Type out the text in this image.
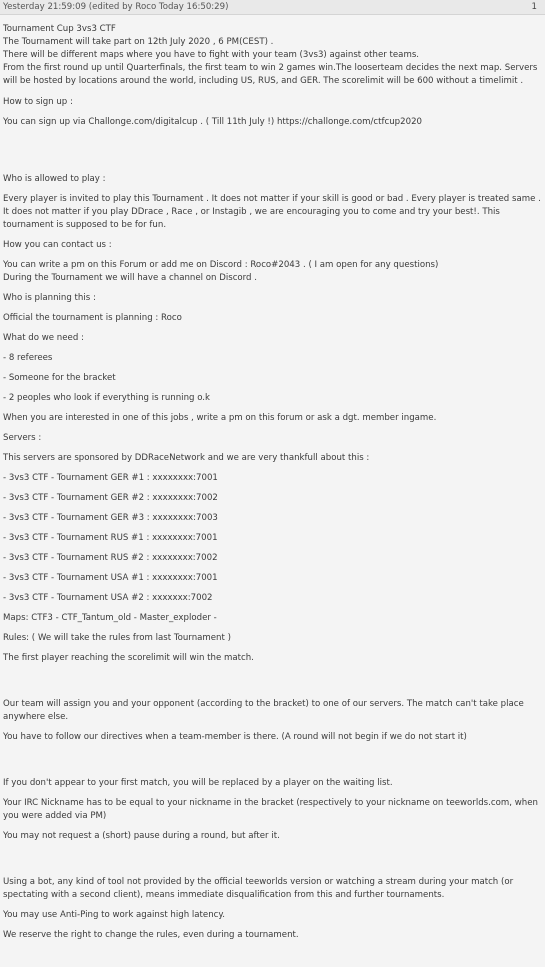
Yesterday 21:59:09 (edited by Roco Today 16:50:29)	1

Tournament Cup 3vs3 CTF

The Tournament will take part on 12th July 2020 , 6 PM(CEST) .

There will be different maps where you have to fight with your team (3vs3) against other teams.

From the first round up until Quarterfinals, the first team to win 2 games win.The looserteam decides the next map. Servers will be hosted by locations around the world, including US, RUS, and GER. The scorelimit will be 600 without a timelimit .

How to sign up :

You can sign up via Challonge.com/digitalcup . ( Till 11th July !) https://challonge.com/ctfcup2020

Who is allowed to play :

Every player is invited to play this Tournament . It does not matter if your skill is good or bad . Every player is treated same . It does not matter if you play DDrace , Race , or Instagib , we are encouraging you to come and try your best!. This tournament is supposed to be for fun.

How you can contact us :

You can write a pm on this Forum or add me on Discord : Roco#2043 . ( I am open for any questions)

During the Tournament we will have a channel on Discord .

Who is planning this :

Official the tournament is planning : Roco

What do we need :

- 8 referees

- Someone for the bracket

- 2 peoples who look if everything is running o.k

When you are interested in one of this jobs , write a pm on this forum or ask a dgt. member ingame.

Servers :

This servers are sponsored by DDRaceNetwork and we are very thankfull about this :

- 3vs3 CTF - Tournament GER #1 : xxxxxxxx:7001

- 3vs3 CTF - Tournament GER #2 : xxxxxxxx:7002

- 3vs3 CTF - Tournament GER #3 : xxxxxxxx:7003

- 3vs3 CTF - Tournament RUS #1 : xxxxxxxx:7001

- 3vs3 CTF - Tournament RUS #2 : xxxxxxxx:7002

- 3vs3 CTF - Tournament USA #1 : xxxxxxxx:7001

- 3vs3 CTF - Tournament USA #2 : xxxxxxx:7002

Maps: CTF3 - CTF_Tantum_old - Master_exploder -

Rules: ( We will take the rules from last Tournament )

The first player reaching the scorelimit will win the match.

Our team will assign you and your opponent (according to the bracket) to one of our servers. The match can't take place anywhere else.

You have to follow our directives when a team-member is there. (A round will not begin if we do not start it)

If you don't appear to your first match, you will be replaced by a player on the waiting list.

Your IRC Nickname has to be equal to your nickname in the bracket (respectively to your nickname on teeworlds.com, when you were added via PM)

You may not request a (short) pause during a round, but after it.

Using a bot, any kind of tool not provided by the official teeworlds version or watching a stream during your match (or spectating with a second client), means immediate disqualification from this and further tournaments.

You may use Anti-Ping to work against high latency.

We reserve the right to change the rules, even during a tournament.
